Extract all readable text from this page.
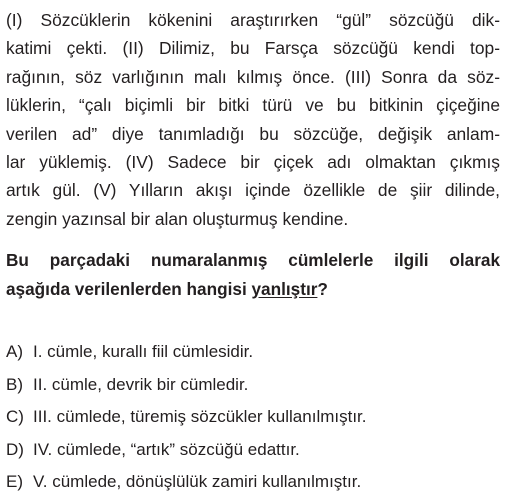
(I) Sözcüklerin kökenini araştırırken “gül” sözcüğü dik-
katimi çekti. (II) Dilimiz, bu Farsça sözcüğü kendi top-
rağının, söz varlığının malı kılmış önce. (III) Sonra da söz-
lüklerin, “çalı biçimli bir bitki türü ve bu bitkinin çiçeğine
verilen ad” diye tanımladığı bu sözcüğe, değişik anlam-
lar yüklemiş. (IV) Sadece bir çiçek adı olmaktan çıkmış
artık gül. (V) Yılların akışı içinde özellikle de şiir dilinde,
zengin yazınsal bir alan oluşturmuş kendine.
Bu parçadaki numaralanmış cümlelerle ilgili olarak
aşağıda verilenlerden hangisi yanlıştır?
A) I. cümle, kurallı fiil cümlesidir.
B) II. cümle, devrik bir cümledir.
C) III. cümlede, türemiş sözcükler kullanılmıştır.
D) IV. cümlede, “artık” sözcüğü edattır.
E) V. cümlede, dönüşlülük zamiri kullanılmıştır.
